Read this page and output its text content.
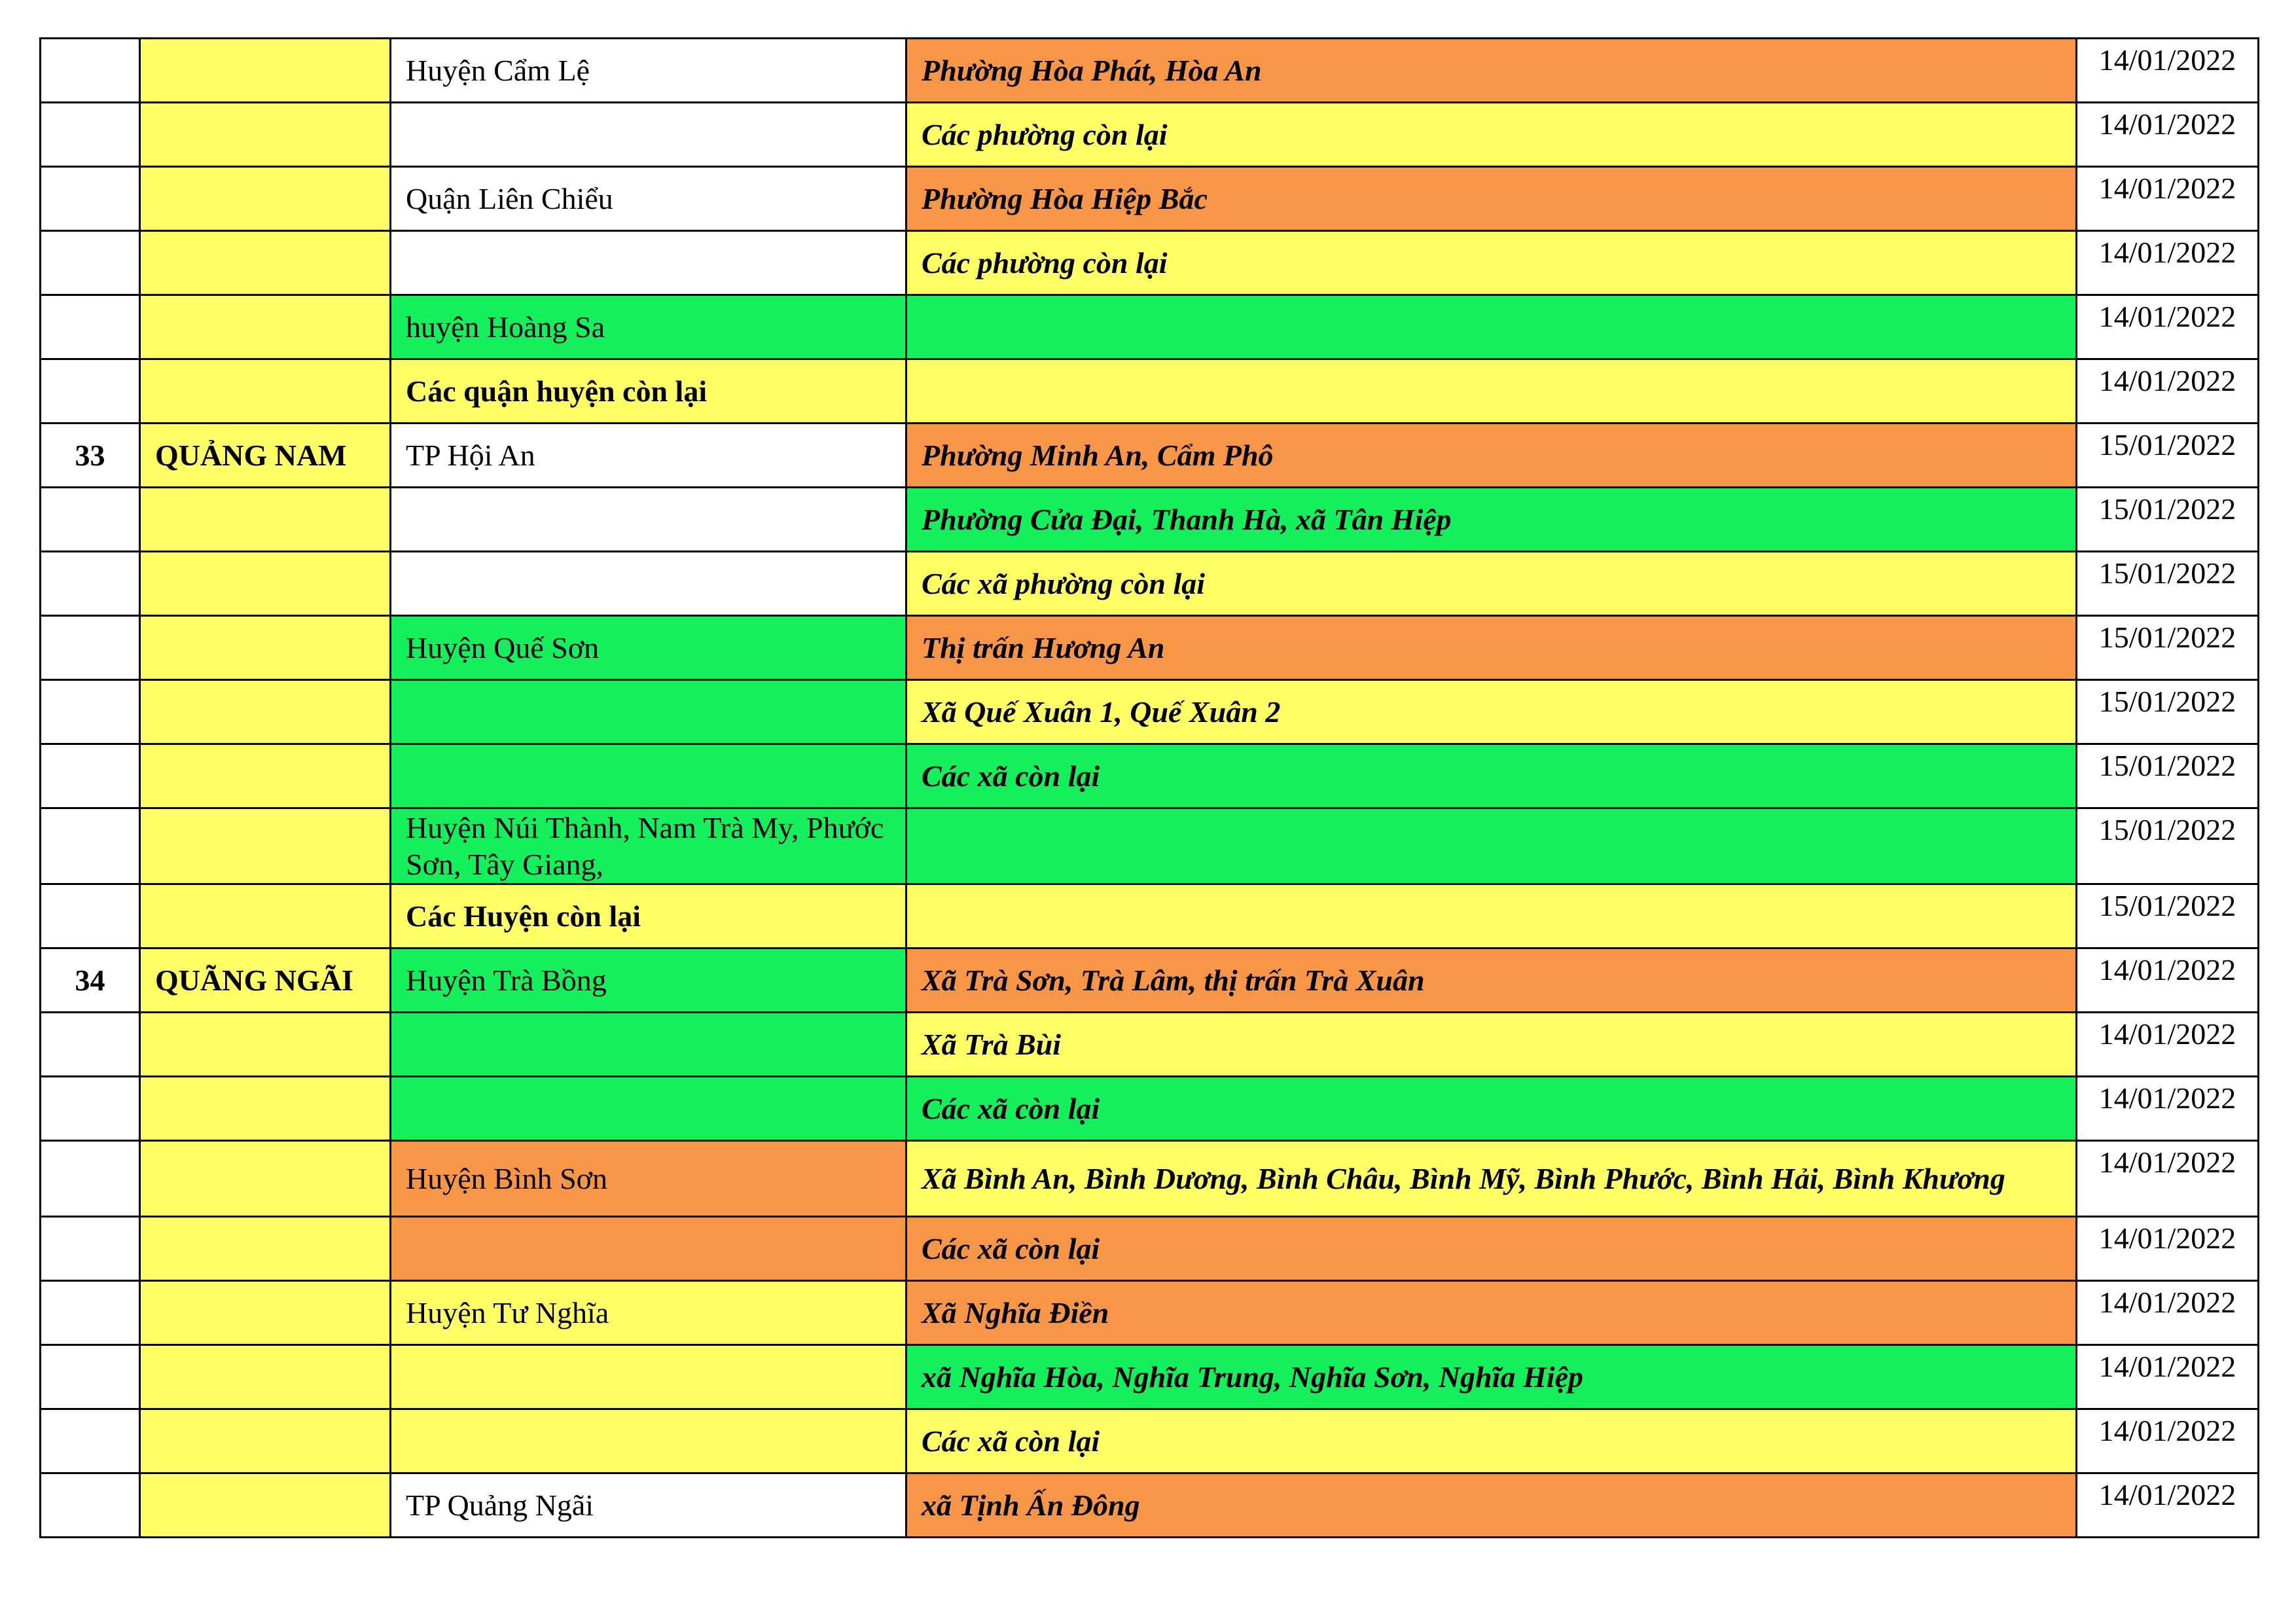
		Huyện Cẩm Lệ	Phường Hòa Phát, Hòa An	14/01/2022
			Các phường còn lại	14/01/2022
		Quận Liên Chiểu	Phường Hòa Hiệp Bắc	14/01/2022
			Các phường còn lại	14/01/2022
		huyện Hoàng Sa		14/01/2022
		Các quận huyện còn lại		14/01/2022
33	QUẢNG NAM	TP Hội An	Phường Minh An, Cẩm Phô	15/01/2022
			Phường Cửa Đại, Thanh Hà, xã Tân Hiệp	15/01/2022
			Các xã phường còn lại	15/01/2022
		Huyện Quế Sơn	Thị trấn Hương An	15/01/2022
			Xã Quế Xuân 1, Quế Xuân 2	15/01/2022
			Các xã còn lại	15/01/2022
		Huyện Núi Thành, Nam Trà My, Phước Sơn, Tây Giang,		15/01/2022
		Các Huyện còn lại		15/01/2022
34	QUÃNG NGÃI	Huyện Trà Bồng	Xã Trà Sơn, Trà Lâm, thị trấn Trà Xuân	14/01/2022
			Xã Trà Bùi	14/01/2022
			Các xã còn lại	14/01/2022
		Huyện Bình Sơn	Xã Bình An, Bình Dương, Bình Châu, Bình Mỹ, Bình Phước, Bình Hải, Bình Khương	14/01/2022
			Các xã còn lại	14/01/2022
		Huyện Tư Nghĩa	Xã Nghĩa Điền	14/01/2022
			xã Nghĩa Hòa, Nghĩa Trung, Nghĩa Sơn, Nghĩa Hiệp	14/01/2022
			Các xã còn lại	14/01/2022
		TP Quảng Ngãi	xã Tịnh Ấn Đông	14/01/2022
